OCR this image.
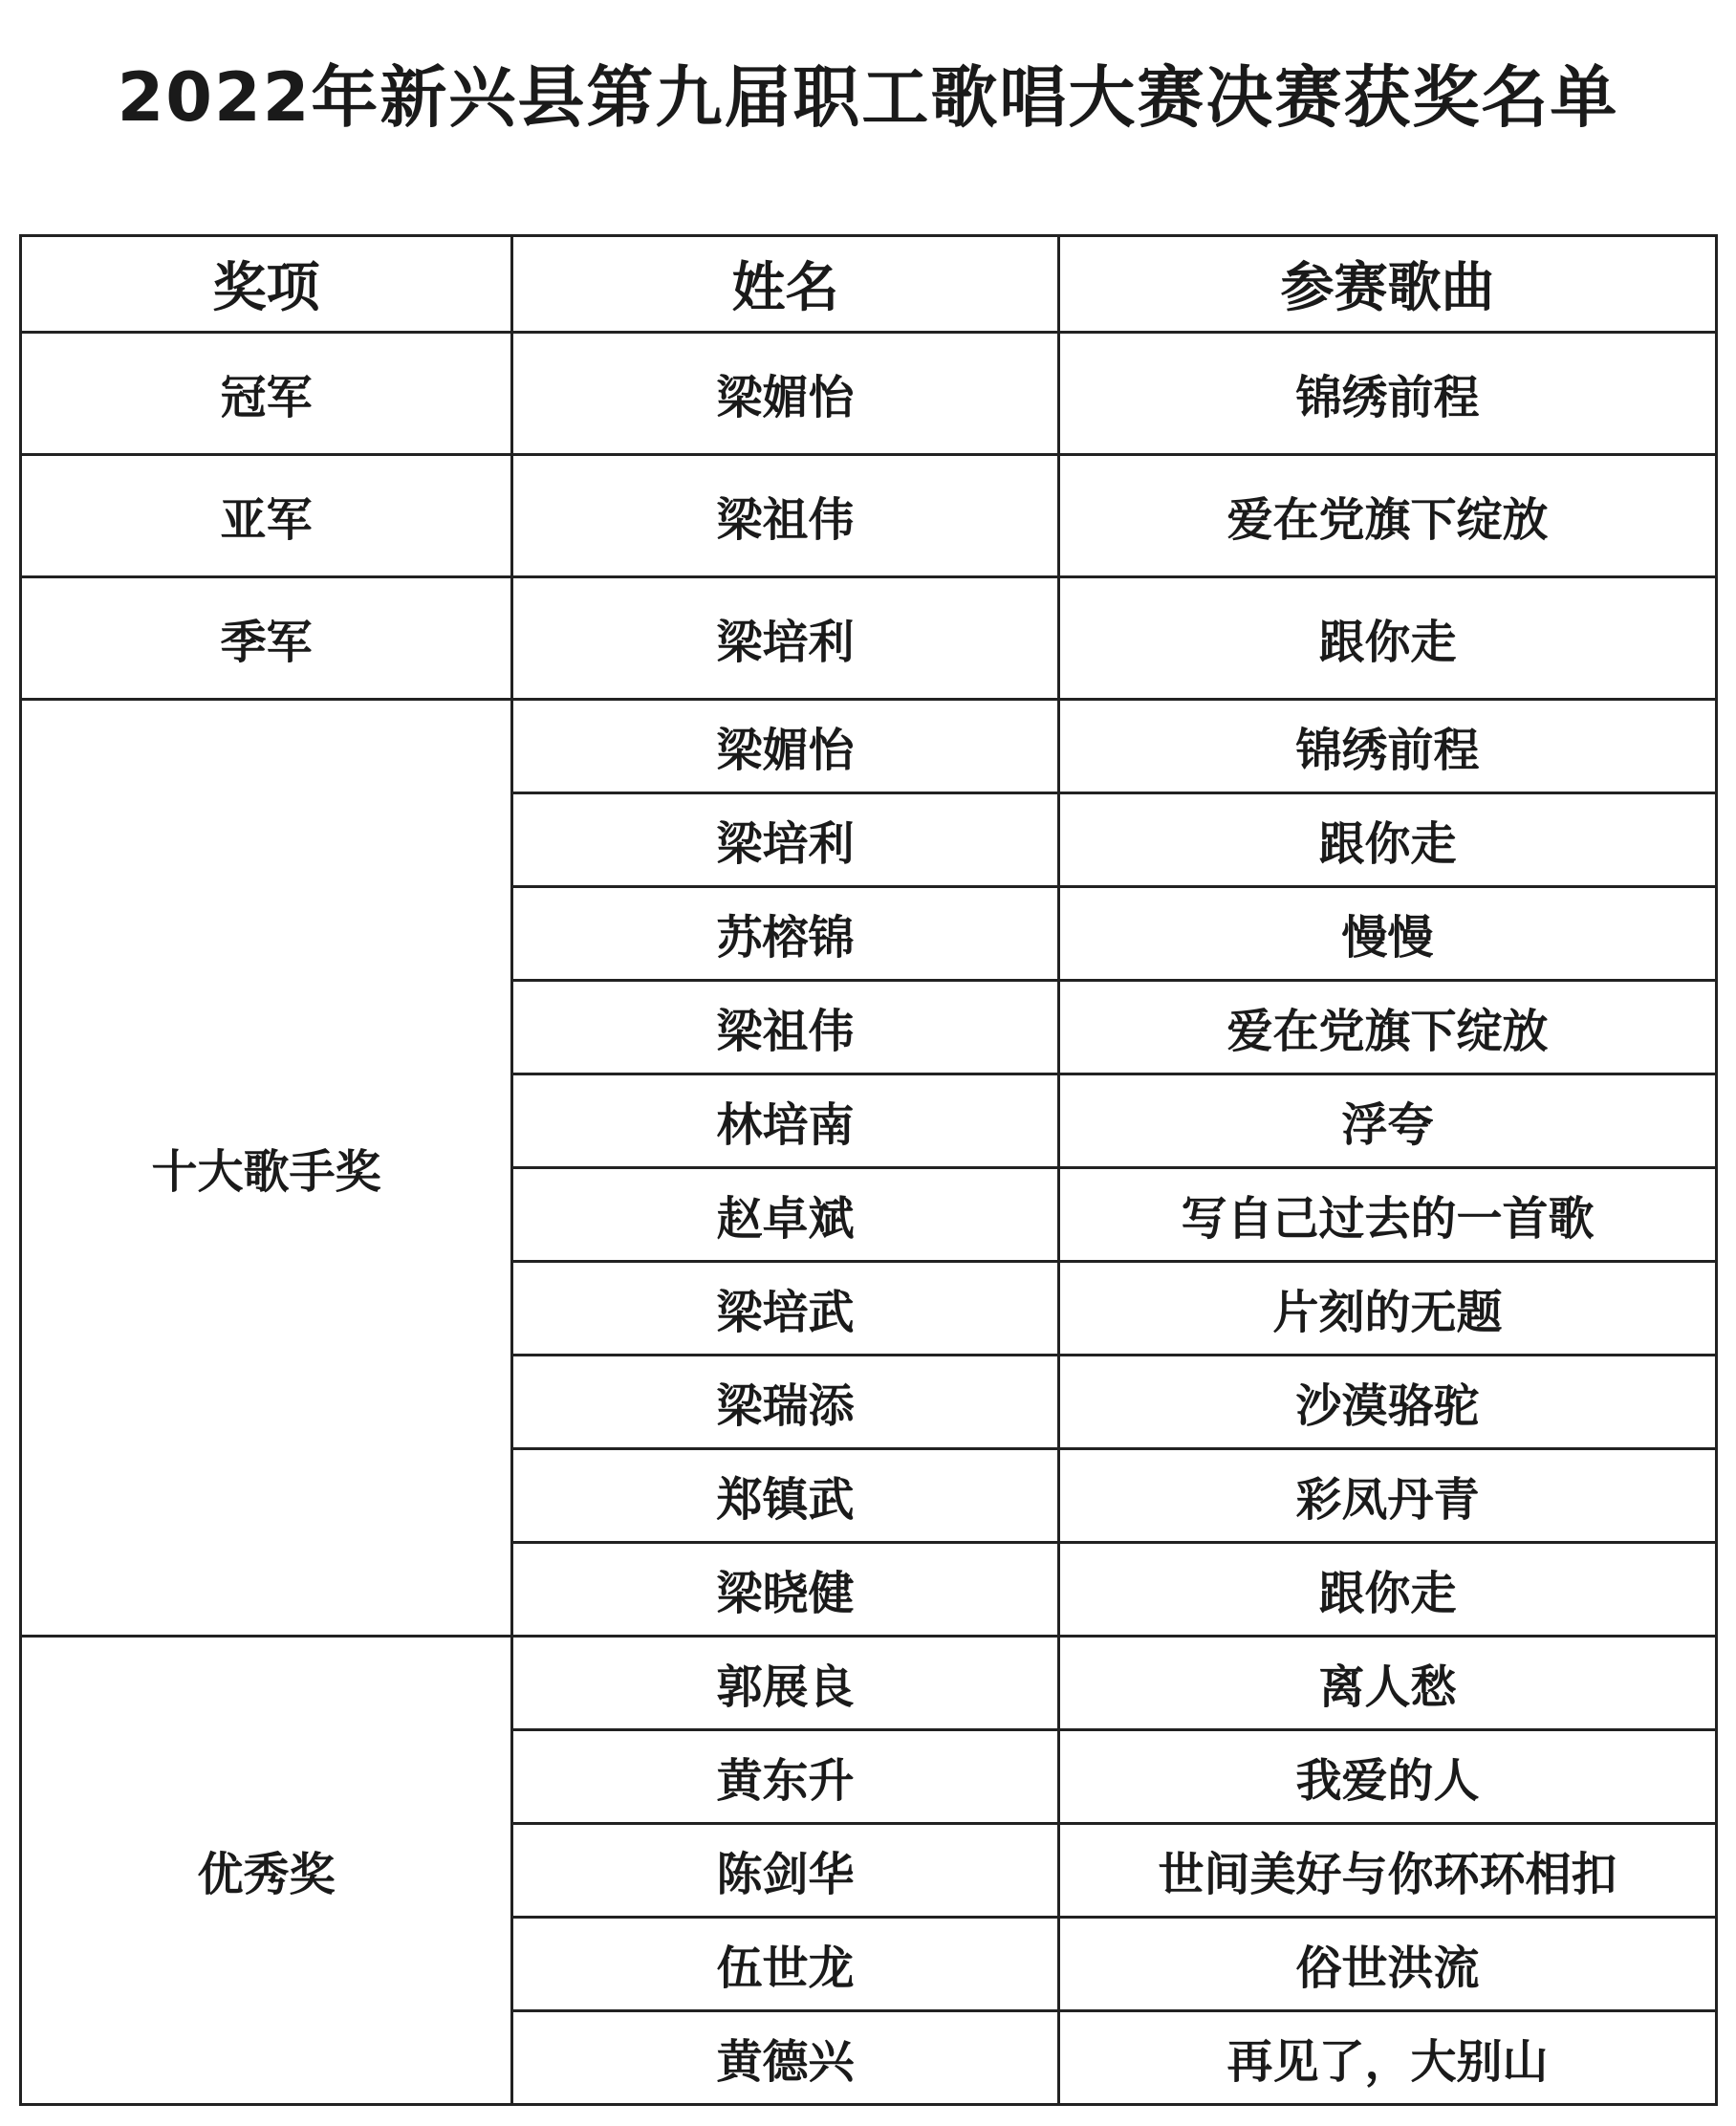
2022年新兴县第九届职工歌唱大赛决赛获奖名单
奖项	姓名	参赛歌曲
冠军	梁媚怡	锦绣前程
亚军	梁祖伟	爱在党旗下绽放
季军	梁培利	跟你走
十大歌手奖	梁媚怡	锦绣前程
	梁培利	跟你走
	苏榕锦	慢慢
	梁祖伟	爱在党旗下绽放
	林培南	浮夸
	赵卓斌	写自己过去的一首歌
	梁培武	片刻的无题
	梁瑞添	沙漠骆驼
	郑镇武	彩凤丹青
	梁晓健	跟你走
优秀奖	郭展良	离人愁
	黄东升	我爱的人
	陈剑华	世间美好与你环环相扣
	伍世龙	俗世洪流
	黄德兴	再见了，大别山
